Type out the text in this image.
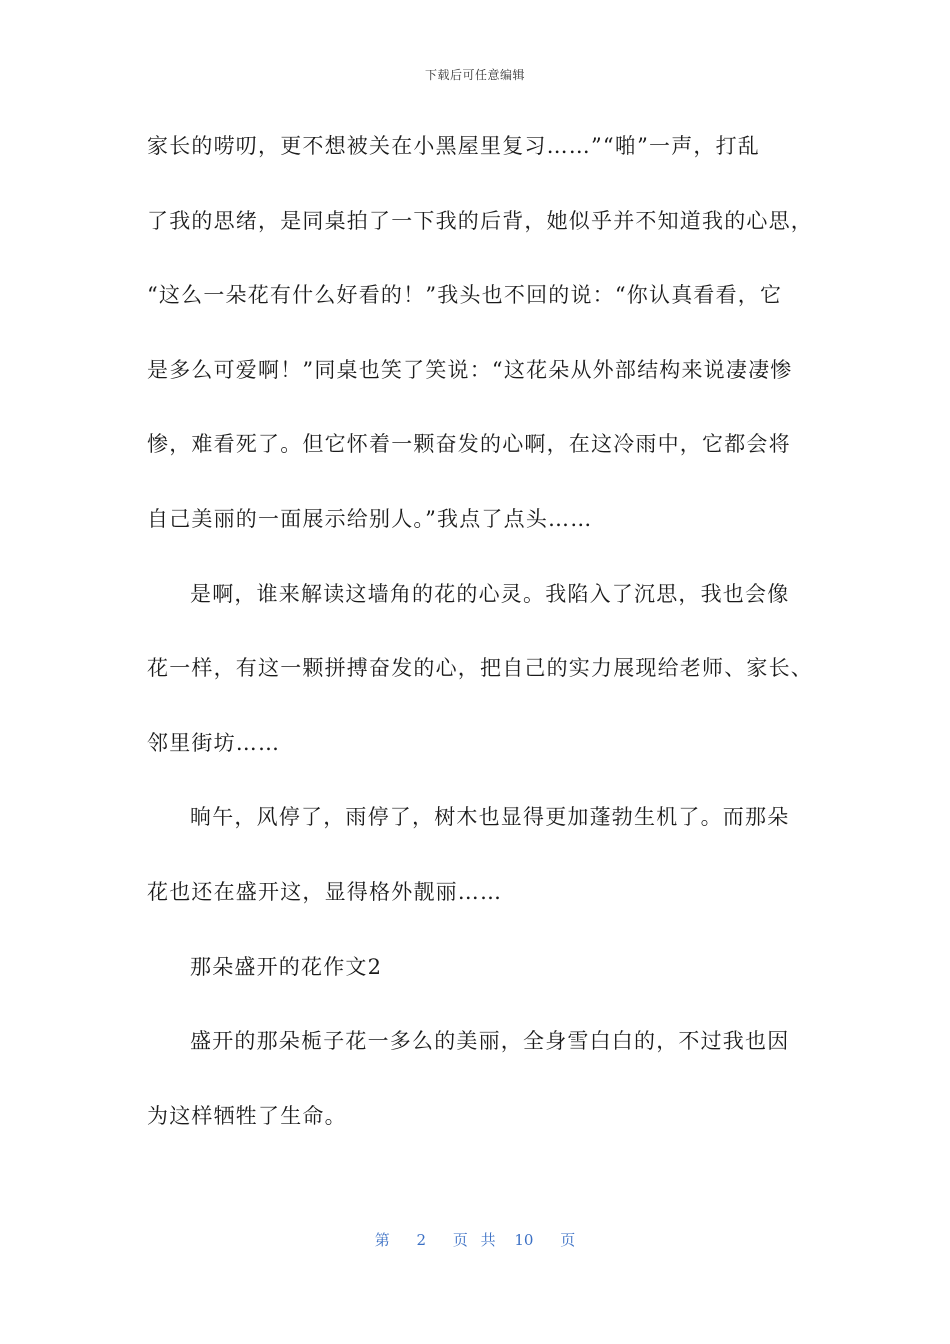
下载后可任意编辑
家长的唠叨，更不想被关在小黑屋里复习……”“啪”一声，打乱
了我的思绪，是同桌拍了一下我的后背，她似乎并不知道我的心思，
“这么一朵花有什么好看的！”我头也不回的说：“你认真看看，它
是多么可爱啊！”同桌也笑了笑说：“这花朵从外部结构来说凄凄惨
惨，难看死了。但它怀着一颗奋发的心啊，在这冷雨中，它都会将
自己美丽的一面展示给别人。”我点了点头……
是啊，谁来解读这墙角的花的心灵。我陷入了沉思，我也会像
花一样，有这一颗拼搏奋发的心，把自己的实力展现给老师、家长、
邻里街坊……
晌午，风停了，雨停了，树木也显得更加蓬勃生机了。而那朵
花也还在盛开这，显得格外靓丽……
那朵盛开的花作文2
盛开的那朵栀子花一多么的美丽，全身雪白白的，不过我也因
为这样牺牲了生命。
第 2 页 共 10 页
